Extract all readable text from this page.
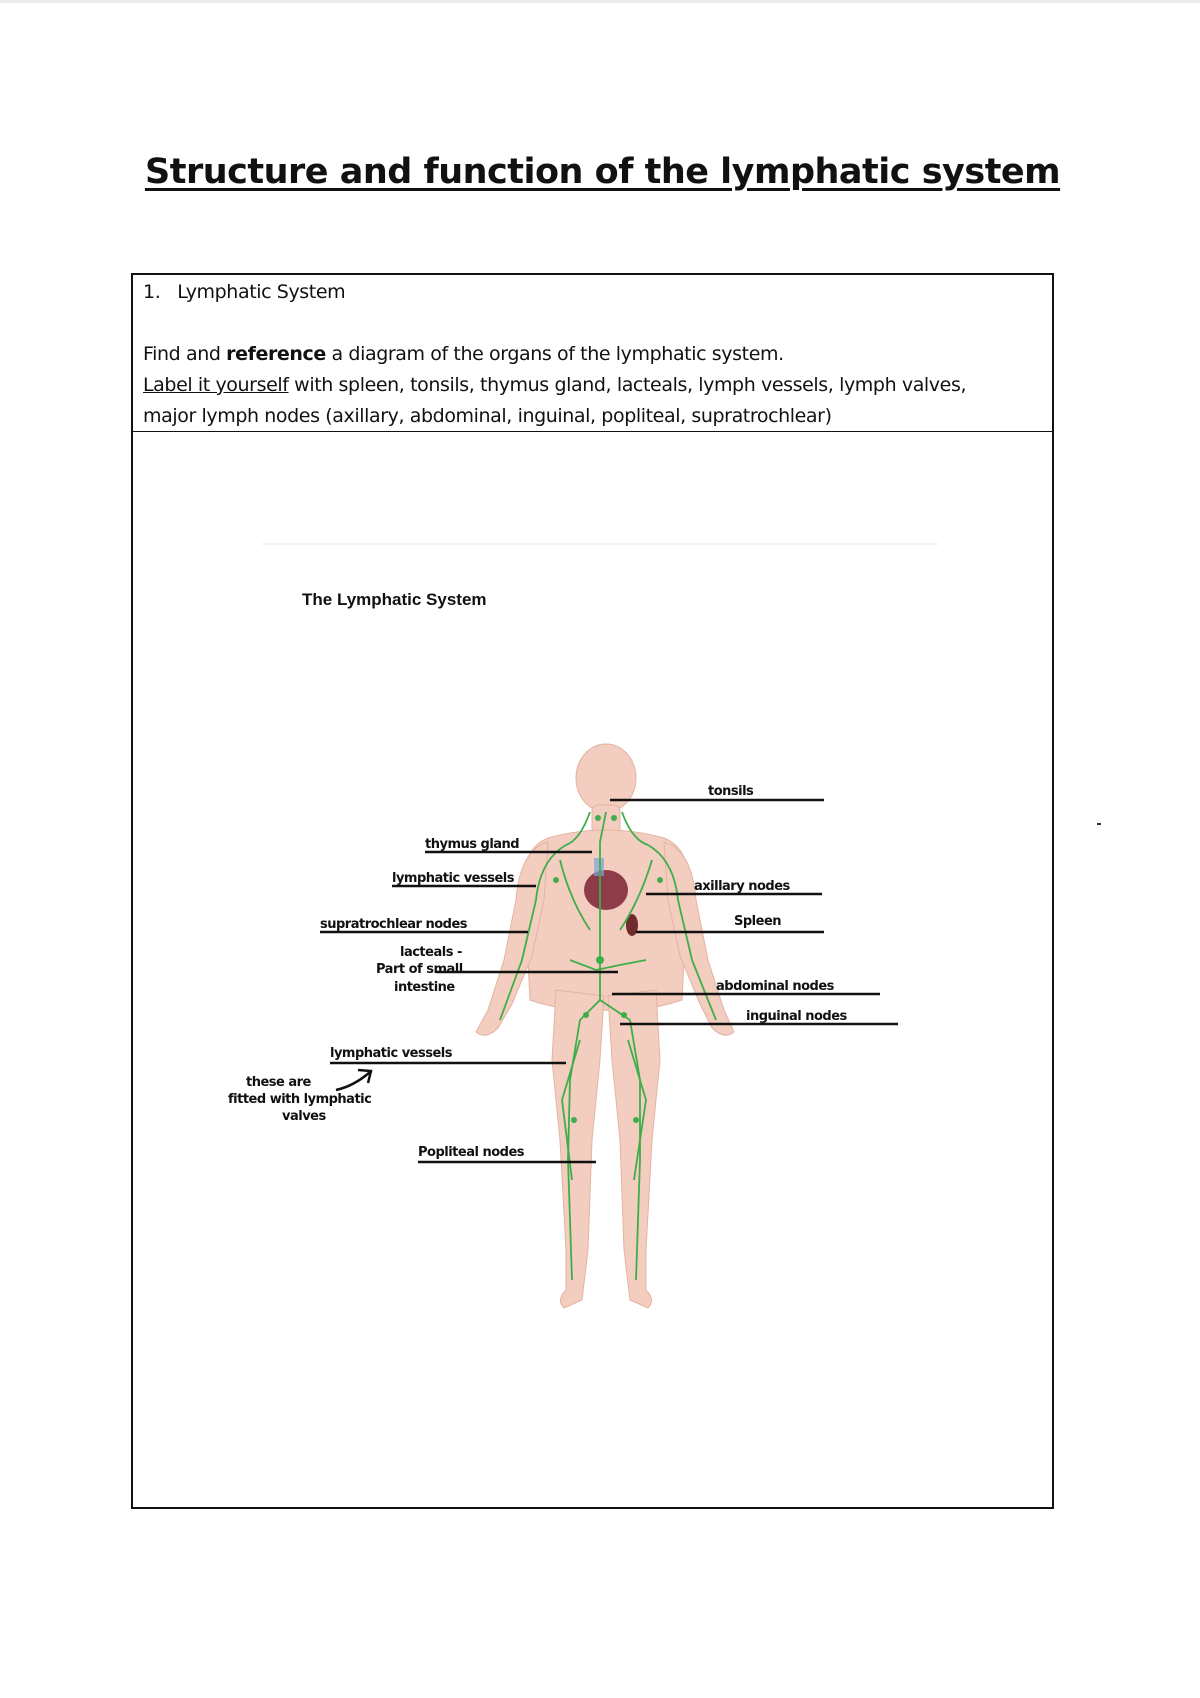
Structure and function of the lymphatic system

1. Lymphatic System

Find and reference a diagram of the organs of the lymphatic system.

Label it yourself with spleen, tonsils, thymus gland, lacteals, lymph vessels, lymph valves,

major lymph nodes (axillary, abdominal, inguinal, popliteal, supratrochlear)

The Lymphatic System
tonsils
thymus gland
lymphatic vessels
axillary nodes
supratrochlear nodes	Spleen
lacteals -
Part of small
intestine	abdominal nodes
inguinal nodes
lymphatic vessels
these are
fitted with lymphatic
valves
Popliteal nodes
